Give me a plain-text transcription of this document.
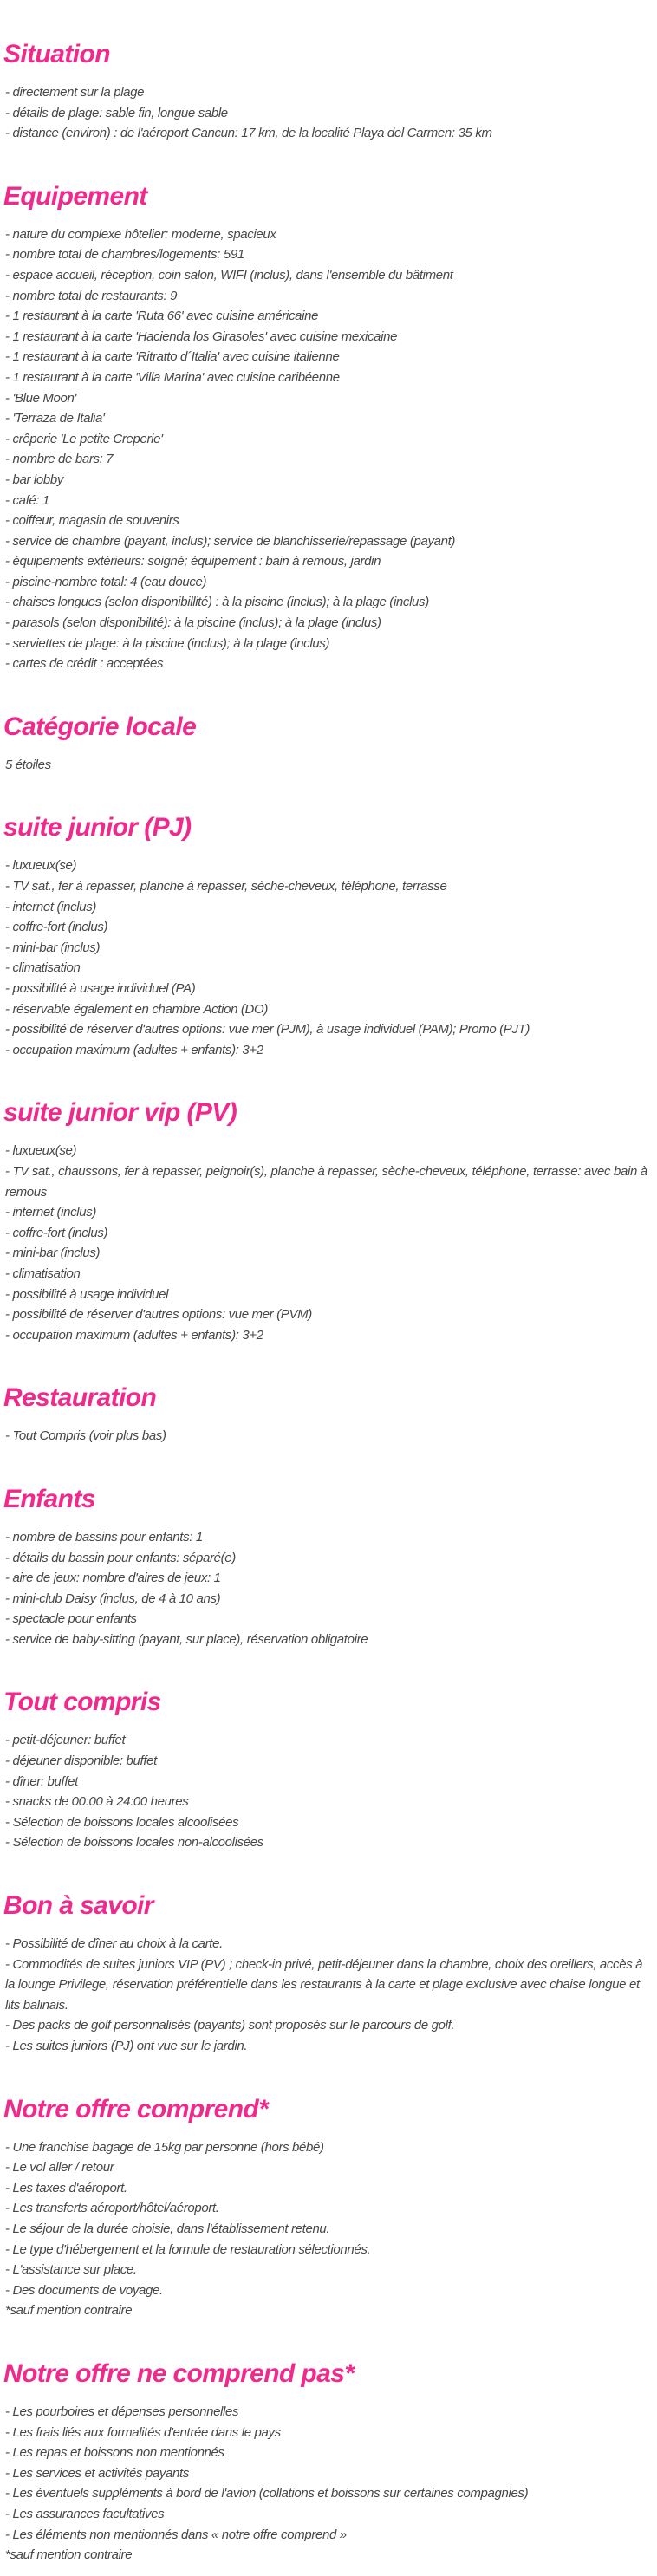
Situation
- directement sur la plage
- détails de plage: sable fin, longue sable
- distance (environ) : de l'aéroport Cancun: 17 km, de la localité Playa del Carmen: 35 km
Equipement
- nature du complexe hôtelier: moderne, spacieux
- nombre total de chambres/logements: 591
- espace accueil, réception, coin salon, WIFI (inclus), dans l'ensemble du bâtiment
- nombre total de restaurants: 9
- 1 restaurant à la carte 'Ruta 66' avec cuisine américaine
- 1 restaurant à la carte 'Hacienda los Girasoles' avec cuisine mexicaine
- 1 restaurant à la carte 'Ritratto d´Italia' avec cuisine italienne
- 1 restaurant à la carte 'Villa Marina' avec cuisine caribéenne
- 'Blue Moon'
- 'Terraza de Italia'
- crêperie 'Le petite Creperie'
- nombre de bars: 7
- bar lobby
- café: 1
- coiffeur, magasin de souvenirs
- service de chambre (payant, inclus); service de blanchisserie/repassage (payant)
- équipements extérieurs: soigné; équipement : bain à remous, jardin
- piscine-nombre total: 4 (eau douce)
- chaises longues (selon disponibillité) : à la piscine (inclus); à la plage (inclus)
- parasols (selon disponibilité): à la piscine (inclus); à la plage (inclus)
- serviettes de plage: à la piscine (inclus); à la plage (inclus)
- cartes de crédit : acceptées
Catégorie locale
5 étoiles
suite junior (PJ)
- luxueux(se)
- TV sat., fer à repasser, planche à repasser, sèche-cheveux, téléphone, terrasse
- internet (inclus)
- coffre-fort (inclus)
- mini-bar (inclus)
- climatisation
- possibilité à usage individuel (PA)
- réservable également en chambre Action (DO)
- possibilité de réserver d'autres options: vue mer (PJM), à usage individuel (PAM); Promo (PJT)
- occupation maximum (adultes + enfants): 3+2
suite junior vip (PV)
- luxueux(se)
- TV sat., chaussons, fer à repasser, peignoir(s), planche à repasser, sèche-cheveux, téléphone, terrasse: avec bain à remous
- internet (inclus)
- coffre-fort (inclus)
- mini-bar (inclus)
- climatisation
- possibilité à usage individuel
- possibilité de réserver d'autres options: vue mer (PVM)
- occupation maximum (adultes + enfants): 3+2
Restauration
- Tout Compris (voir plus bas)
Enfants
- nombre de bassins pour enfants: 1
- détails du bassin pour enfants: séparé(e)
- aire de jeux: nombre d'aires de jeux: 1
- mini-club Daisy (inclus, de 4 à 10 ans)
- spectacle pour enfants
- service de baby-sitting (payant, sur place), réservation obligatoire
Tout compris
- petit-déjeuner: buffet
- déjeuner disponible: buffet
- dîner: buffet
- snacks de 00:00 à 24:00 heures
- Sélection de boissons locales alcoolisées
- Sélection de boissons locales non-alcoolisées
Bon à savoir
- Possibilité de dîner au choix à la carte.
- Commodités de suites juniors VIP (PV) ; check-in privé, petit-déjeuner dans la chambre, choix des oreillers, accès à la lounge Privilege, réservation préférentielle dans les restaurants à la carte et plage exclusive avec chaise longue et lits balinais.
- Des packs de golf personnalisés (payants) sont proposés sur le parcours de golf.
- Les suites juniors (PJ) ont vue sur le jardin.
Notre offre comprend*
- Une franchise bagage de 15kg par personne (hors bébé)
- Le vol aller / retour
- Les taxes d'aéroport.
- Les transferts aéroport/hôtel/aéroport.
- Le séjour de la durée choisie, dans l'établissement retenu.
- Le type d'hébergement et la formule de restauration sélectionnés.
- L'assistance sur place.
- Des documents de voyage.
*sauf mention contraire
Notre offre ne comprend pas*
- Les pourboires et dépenses personnelles
- Les frais liés aux formalités d'entrée dans le pays
- Les repas et boissons non mentionnés
- Les services et activités payants
- Les éventuels suppléments à bord de l'avion (collations et boissons sur certaines compagnies)
- Les assurances facultatives
- Les éléments non mentionnés dans « notre offre comprend »
*sauf mention contraire
